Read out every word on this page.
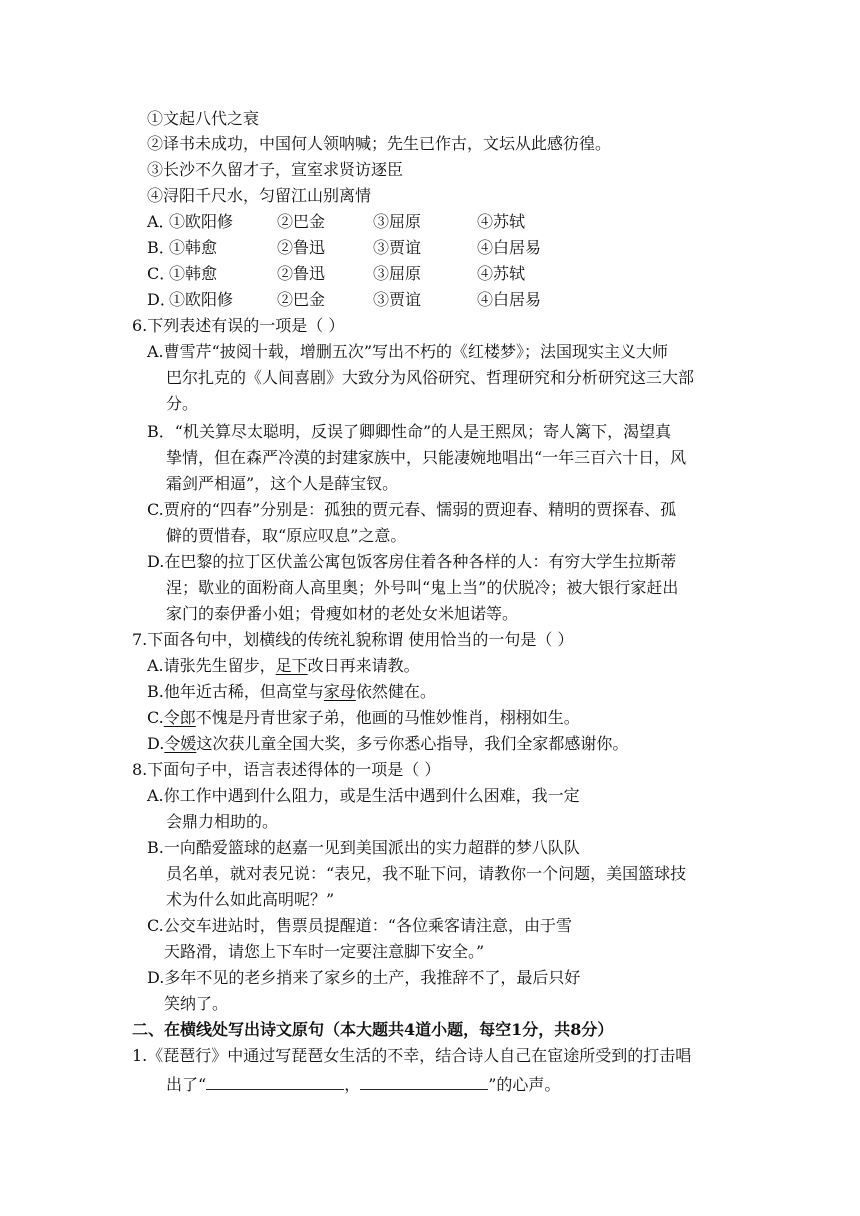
①文起八代之衰
②译书未成功，中国何人领呐喊；先生已作古，文坛从此感彷徨。
③长沙不久留才子，宣室求贤访逐臣
④浔阳千尺水，匀留江山别离情
A．
①欧阳修	②巴金	③屈原	④苏轼
B．
①韩愈	②鲁迅	③贾谊	④白居易
C．
①韩愈	②鲁迅	③屈原	④苏轼
D．
①欧阳修	②巴金	③贾谊	④白居易
6.下列表述有误的一项是（ ）
A.曹雪芹“披阅十载，增删五次”写出不朽的《红楼梦》；法国现实主义大师
巴尔扎克的《人间喜剧》大致分为风俗研究、哲理研究和分析研究这三大部
分。
B．“机关算尽太聪明，反误了卿卿性命”的人是王熙凤；寄人篱下，渴望真
挚情，但在森严冷漠的封建家族中，只能凄婉地唱出“一年三百六十日，风
霜剑严相逼”，这个人是薛宝钗。
C.贾府的“四春”分别是：孤独的贾元春、懦弱的贾迎春、精明的贾探春、孤
僻的贾惜春，取“原应叹息”之意。
D.在巴黎的拉丁区伏盖公寓包饭客房住着各种各样的人：有穷大学生拉斯蒂
涅；歇业的面粉商人高里奥；外号叫“鬼上当”的伏脱冷；被大银行家赶出
家门的泰伊番小姐；骨瘦如材的老处女米旭诺等。
7.下面各句中，划横线的传统礼貌称谓 使用恰当的一句是（ ）
A.请张先生留步，足下改日再来请教。
B.他年近古稀，但高堂与家母依然健在。
C.令郎不愧是丹青世家子弟，他画的马惟妙惟肖，栩栩如生。
D.令媛这次获儿童全国大奖，多亏你悉心指导，我们全家都感谢你。
8.下面句子中，语言表述得体的一项是（ ）
A.你工作中遇到什么阻力，或是生活中遇到什么困难，我一定
会鼎力相助的。
B.一向酷爱篮球的赵嘉一见到美国派出的实力超群的梦八队队
员名单，就对表兄说：“表兄，我不耻下问，请教你一个问题，美国篮球技
术为什么如此高明呢？”
C.公交车进站时，售票员提醒道：“各位乘客请注意，由于雪
天路滑，请您上下车时一定要注意脚下安全。”
D.多年不见的老乡捎来了家乡的土产，我推辞不了，最后只好
笑纳了。
二、在横线处写出诗文原句（本大题共4道小题，每空1分，共8分）
1.《琵琶行》中通过写琵琶女生活的不幸，结合诗人自己在宦途所受到的打击唱
出了“	，	”的心声。
